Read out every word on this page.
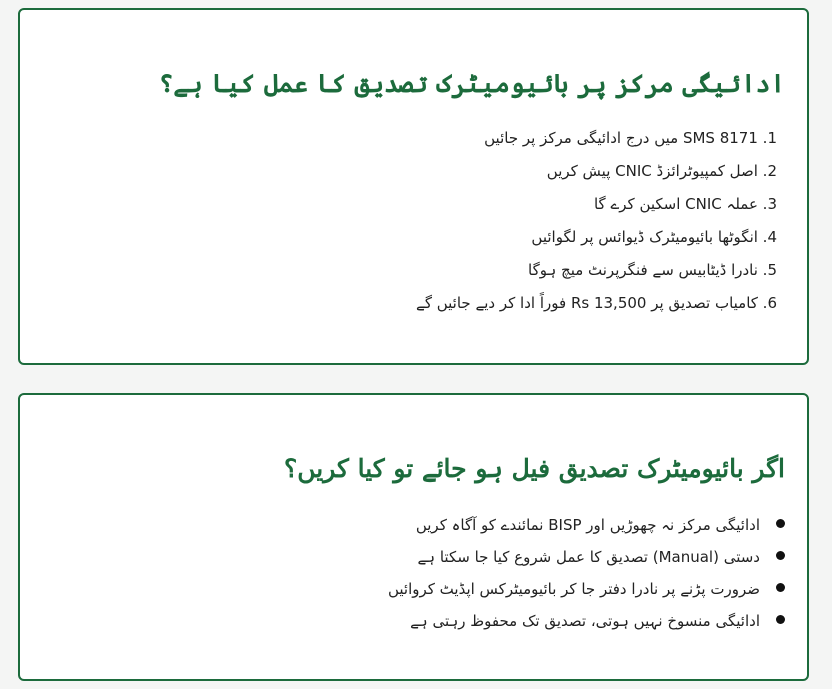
ادائیگی مرکز پر بائیومیٹرک تصدیق کا عمل کیا ہے؟
1. SMS 8171 میں درج ادائیگی مرکز پر جائیں
2. اصل کمپیوٹرائزڈ CNIC پیش کریں
3. عملہ CNIC اسکین کرے گا
4. انگوٹھا بائیومیٹرک ڈیوائس پر لگوائیں
5. نادرا ڈیٹابیس سے فنگرپرنٹ میچ ہوگا
6. کامیاب تصدیق پر Rs 13,500 فوراً ادا کر دیے جائیں گے
اگر بائیومیٹرک تصدیق فیل ہو جائے تو کیا کریں؟
ادائیگی مرکز نہ چھوڑیں اور BISP نمائندے کو آگاہ کریں
دستی (Manual) تصدیق کا عمل شروع کیا جا سکتا ہے
ضرورت پڑنے پر نادرا دفتر جا کر بائیومیٹرکس اپڈیٹ کروائیں
ادائیگی منسوخ نہیں ہوتی، تصدیق تک محفوظ رہتی ہے
